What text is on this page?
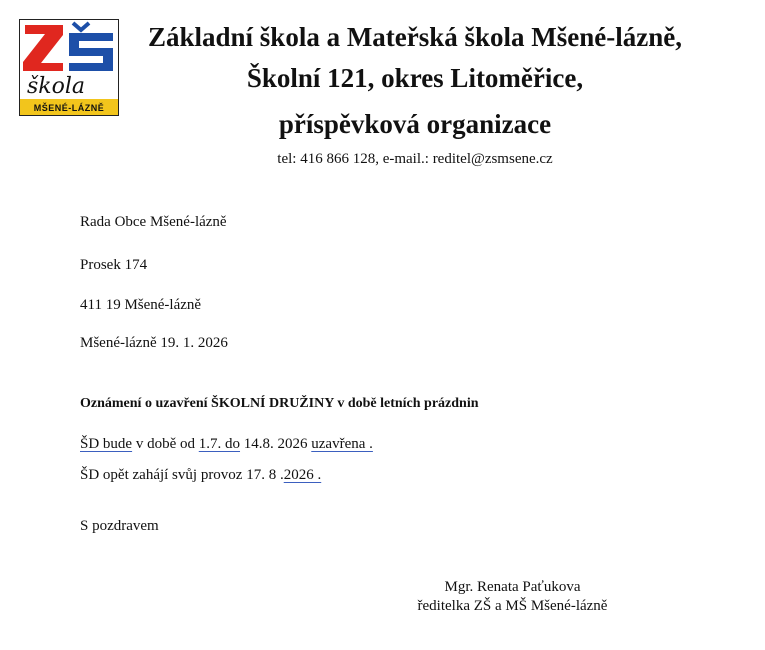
škola
MŠENÉ-LÁZNĚ
Základní škola a Mateřská škola Mšené-lázně,
Školní 121, okres Litoměřice,
příspěvková organizace
tel: 416 866 128, e-mail.: reditel@zsmsene.cz
Rada Obce Mšené-lázně
Prosek 174
411 19 Mšené-lázně
Mšené-lázně 19. 1. 2026
Oznámení o uzavření ŠKOLNÍ DRUŽINY v době letních prázdnin
ŠD bude v době od 1.7. do 14.8. 2026 uzavřena .
ŠD opět zahájí svůj provoz 17. 8 .2026 .
S pozdravem
Mgr. Renata Paťukova
ředitelka ZŠ a MŠ Mšené-lázně
